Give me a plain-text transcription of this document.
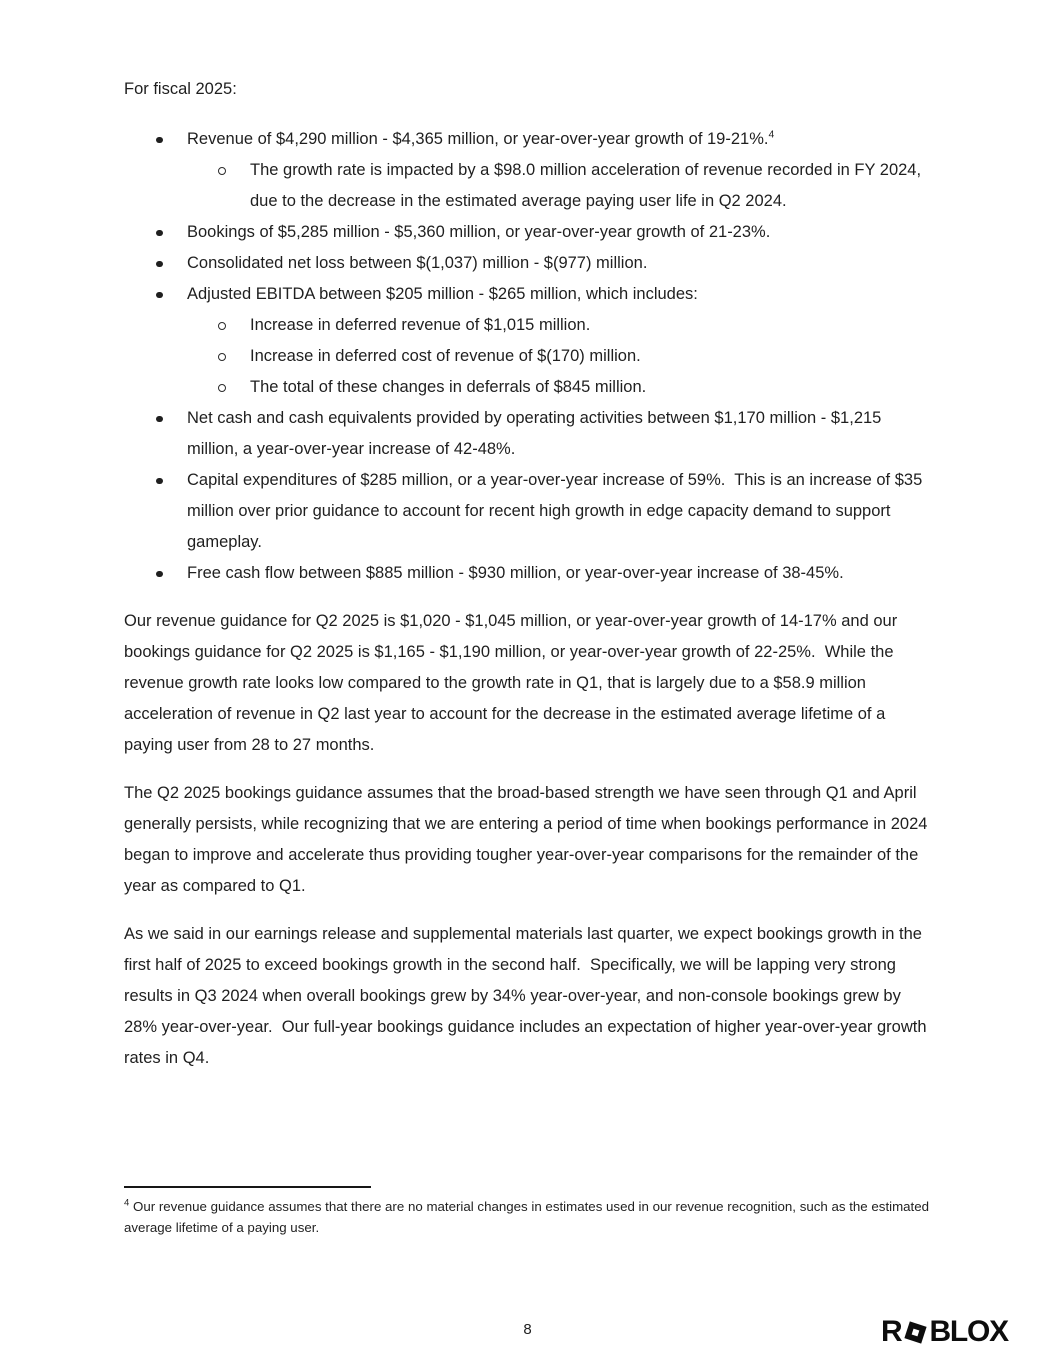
For fiscal 2025:

Revenue of $4,290 million - $4,365 million, or year-over-year growth of 19-21%.$^4$
The growth rate is impacted by a $98.0 million acceleration of revenue recorded in FY 2024, due to the decrease in the estimated average paying user life in Q2 2024.
Bookings of $5,285 million - $5,360 million, or year-over-year growth of 21-23%.
Consolidated net loss between $(1,037) million - $(977) million.
Adjusted EBITDA between $205 million - $265 million, which includes:
Increase in deferred revenue of $1,015 million.
Increase in deferred cost of revenue of $(170) million.
The total of these changes in deferrals of $845 million.
Net cash and cash equivalents provided by operating activities between $1,170 million - $1,215 million, a year-over-year increase of 42-48%.
Capital expenditures of $285 million, or a year-over-year increase of 59%.  This is an increase of $35 million over prior guidance to account for recent high growth in edge capacity demand to support gameplay.
Free cash flow between $885 million - $930 million, or year-over-year increase of 38-45%.

Our revenue guidance for Q2 2025 is $1,020 - $1,045 million, or year-over-year growth of 14-17% and our bookings guidance for Q2 2025 is $1,165 - $1,190 million, or year-over-year growth of 22-25%.  While the revenue growth rate looks low compared to the growth rate in Q1, that is largely due to a $58.9 million acceleration of revenue in Q2 last year to account for the decrease in the estimated average lifetime of a paying user from 28 to 27 months.

The Q2 2025 bookings guidance assumes that the broad-based strength we have seen through Q1 and April generally persists, while recognizing that we are entering a period of time when bookings performance in 2024 began to improve and accelerate thus providing tougher year-over-year comparisons for the remainder of the year as compared to Q1.

As we said in our earnings release and supplemental materials last quarter, we expect bookings growth in the first half of 2025 to exceed bookings growth in the second half.  Specifically, we will be lapping very strong results in Q3 2024 when overall bookings grew by 34% year-over-year, and non-console bookings grew by 28% year-over-year.  Our full-year bookings guidance includes an expectation of higher year-over-year growth rates in Q4.

$^4$ Our revenue guidance assumes that there are no material changes in estimates used in our revenue recognition, such as the estimated average lifetime of a paying user.
8	R BLOX
